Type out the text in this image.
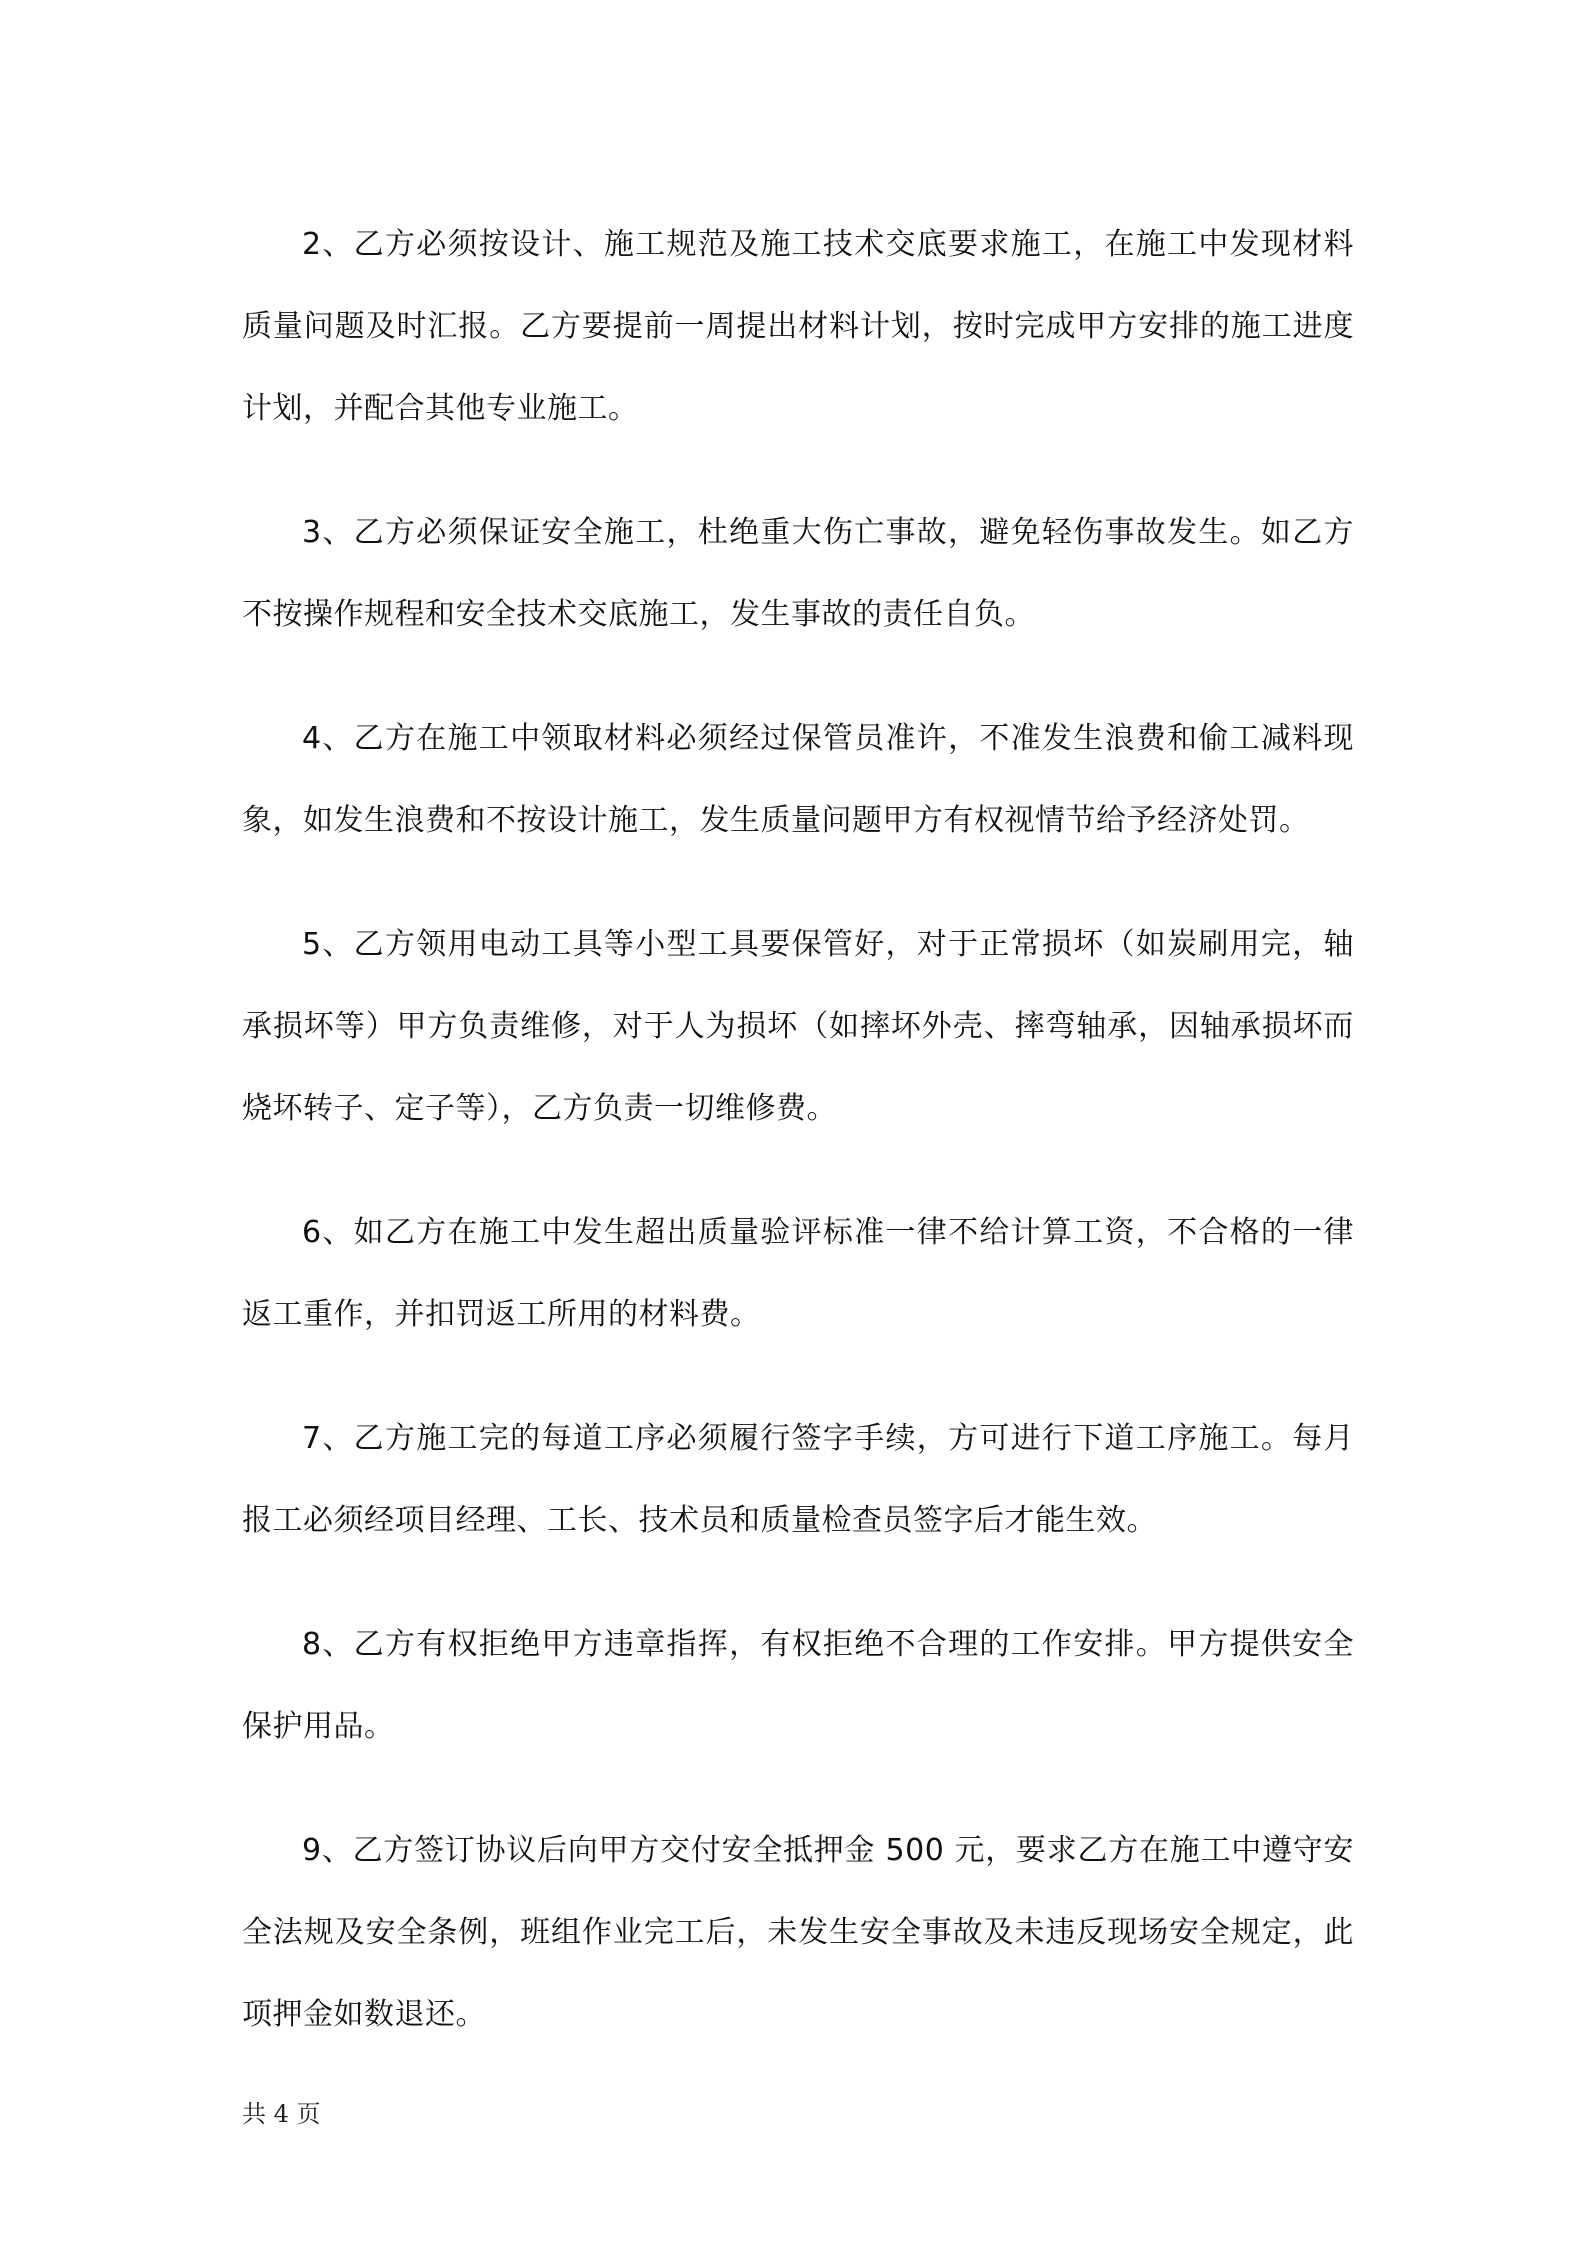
2、乙方必须按设计、施工规范及施工技术交底要求施工，在施工中发现材料质量问题及时汇报。乙方要提前一周提出材料计划，按时完成甲方安排的施工进度计划，并配合其他专业施工。

3、乙方必须保证安全施工，杜绝重大伤亡事故，避免轻伤事故发生。如乙方不按操作规程和安全技术交底施工，发生事故的责任自负。

4、乙方在施工中领取材料必须经过保管员准许，不准发生浪费和偷工减料现象，如发生浪费和不按设计施工，发生质量问题甲方有权视情节给予经济处罚。

5、乙方领用电动工具等小型工具要保管好，对于正常损坏（如炭刷用完，轴承损坏等）甲方负责维修，对于人为损坏（如摔坏外壳、摔弯轴承，因轴承损坏而烧坏转子、定子等），乙方负责一切维修费。

6、如乙方在施工中发生超出质量验评标准一律不给计算工资，不合格的一律返工重作，并扣罚返工所用的材料费。

7、乙方施工完的每道工序必须履行签字手续，方可进行下道工序施工。每月报工必须经项目经理、工长、技术员和质量检查员签字后才能生效。

8、乙方有权拒绝甲方违章指挥，有权拒绝不合理的工作安排。甲方提供安全保护用品。

9、乙方签订协议后向甲方交付安全抵押金 500 元，要求乙方在施工中遵守安全法规及安全条例，班组作业完工后，未发生安全事故及未违反现场安全规定，此项押金如数退还。

共 4 页
